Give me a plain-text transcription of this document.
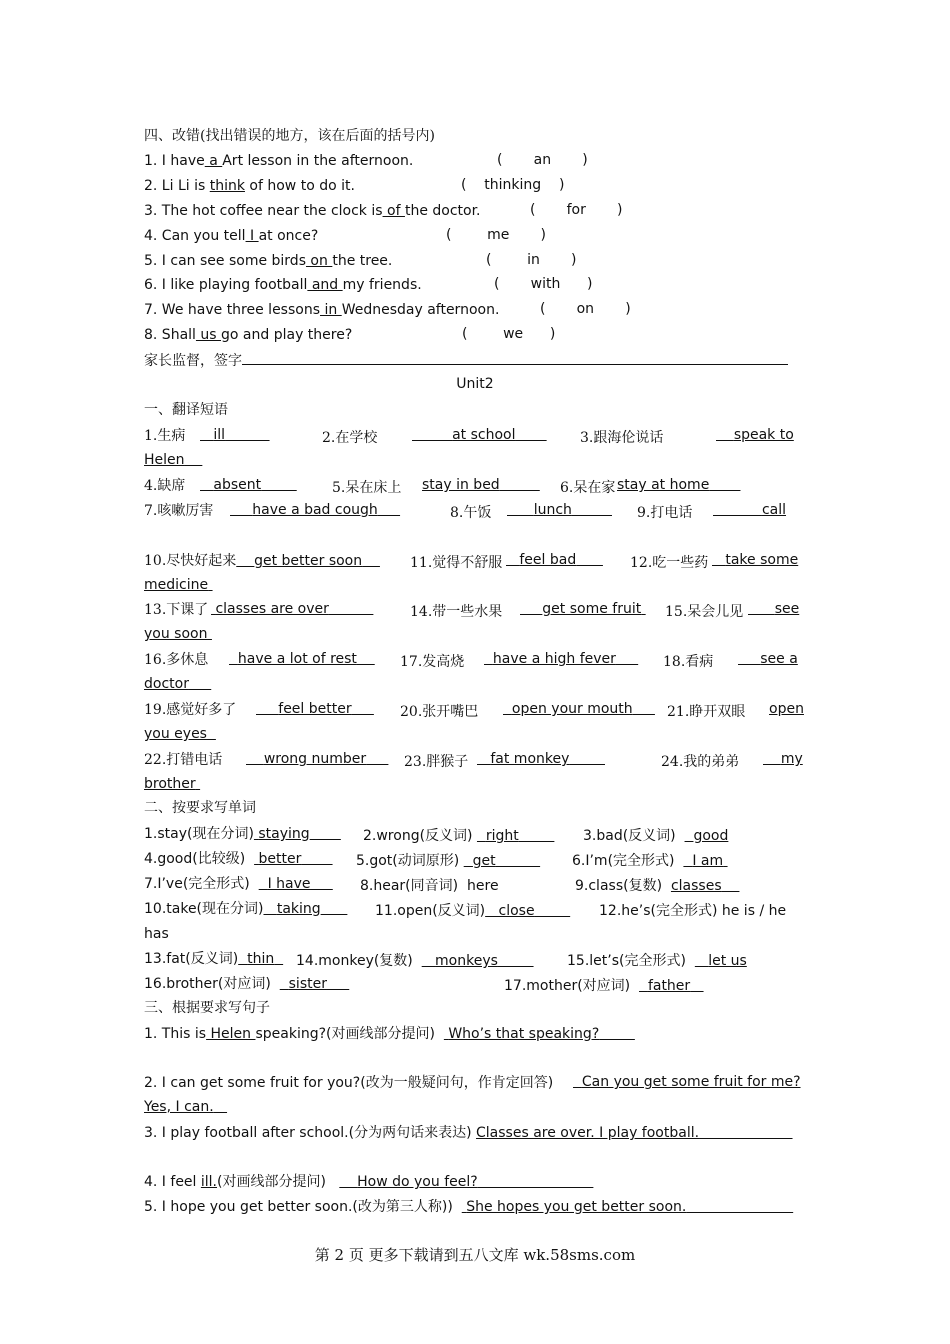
四、改错(找出错误的地方，该在后面的括号内)
1. I have a Art lesson in the afternoon.	(       an       )
2. Li Li is think of how to do it.	(    thinking    )
3. The hot coffee near the clock is of the doctor.	(       for       )
4. Can you tell I at once?	(        me       )
5. I can see some birds on the tree.	(        in       )
6. I like playing football and my friends.	(       with      )
7. We have three lessons in Wednesday afternoon.	(       on       )
8. Shall us go and play there?	(        we      )
家长监督，签字
Unit2
一、翻译短语
1.生病	ill	2.在学校	at school	3.跟海伦说话	speak to
Helen
4.缺席	absent	5.呆在床上 stay in bed	6.呆在家 stay at home
7.咳嗽厉害	have a bad cough	8.午饭	lunch	9.打电话	call
10.尽快好起来 get better soon	11.觉得不舒服	feel bad	12.吃一些药	take some
medicine
13.下课了 classes are over	14.带一些水果	get some fruit	15.呆会儿见	see
you soon
16.多休息	have a lot of rest	17.发高烧	have a high fever	18.看病	see a
doctor
19.感觉好多了	feel better	20.张开嘴巴	open your mouth	21.睁开双眼 open
you eyes
22.打错电话	wrong number	23.胖猴子	fat monkey	24.我的弟弟	my
brother
二、按要求写单词
1.stay(现在分词) staying	2.wrong(反义词) right	3.bad(反义词) good
4.good(比较级) better	5.got(动词原形) get	6.I’m(完全形式) I am
7.I’ve(完全形式) I have	8.hear(同音词) here	9.class(复数) classes
10.take(现在分词) taking	11.open(反义词) close	12.he’s(完全形式) he is / he
has
13.fat(反义词) thin	14.monkey(复数) monkeys	15.let’s(完全形式) let us
16.brother(对应词) sister	17.mother(对应词) father
三、根据要求写句子
1. This is Helen speaking?(对画线部分提问) Who’s that speaking?
2. I can get some fruit for you?(改为一般疑问句，作肯定回答)	Can you get some fruit for me?
Yes, I can.
3. I play football after school.(分为两句话来表达) Classes are over. I play football.
4. I feel ill.(对画线部分提问) How do you feel?
5. I hope you get better soon.(改为第三人称)) She hopes you get better soon.
第 2 页 更多下载请到五八文库 wk.58sms.com
